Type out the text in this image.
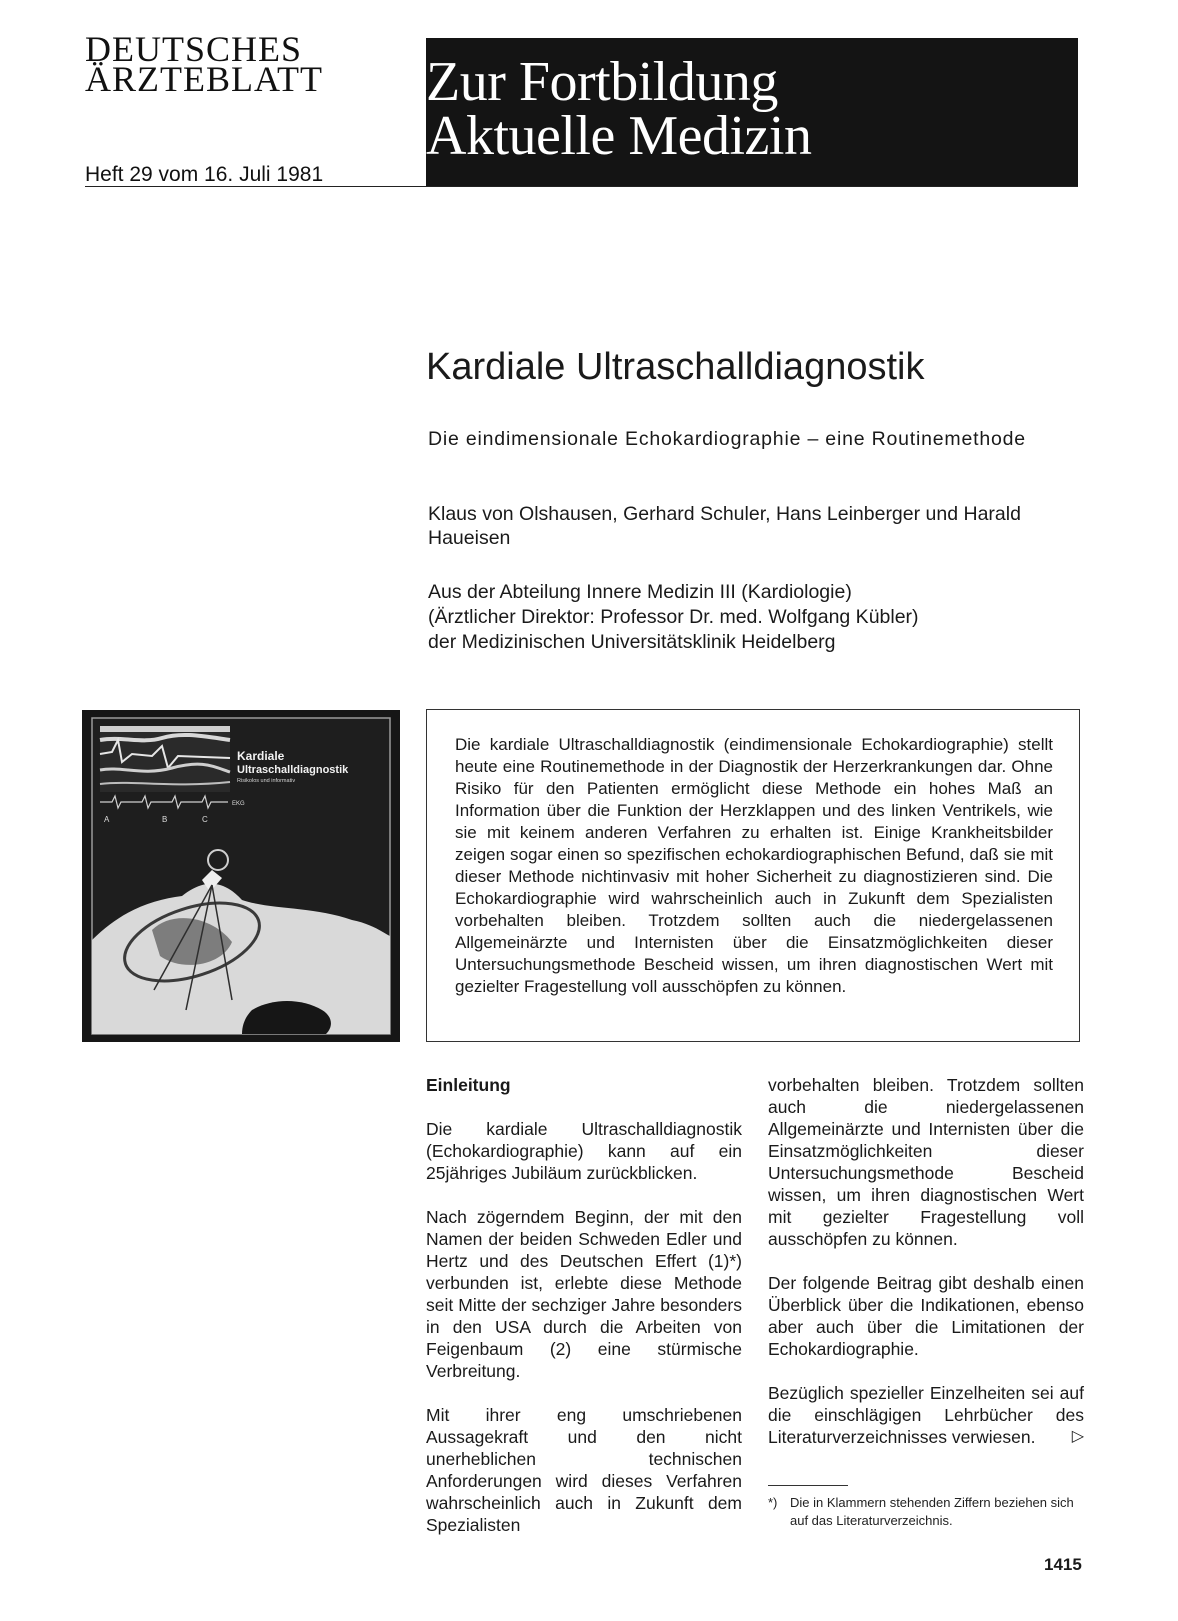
DEUTSCHES
ÄRZTEBLATT
Heft 29 vom 16. Juli 1981
Zur Fortbildung
Aktuelle Medizin
Kardiale Ultraschalldiagnostik
Die eindimensionale Echokardiographie – eine Routinemethode
Klaus von Olshausen, Gerhard Schuler, Hans Leinberger und Harald Haueisen
Aus der Abteilung Innere Medizin III (Kardiologie)
(Ärztlicher Direktor: Professor Dr. med. Wolfgang Kübler)
der Medizinischen Universitätsklinik Heidelberg
EKG
A	B	C
Kardiale
Ultraschalldiagnostik
Risikolos und informativ

Die kardiale Ultraschalldiagnostik (eindimensionale Echokardiographie) stellt heute eine Routinemethode in der Diagnostik der Herzerkrankungen dar. Ohne Risiko für den Patienten ermöglicht diese Methode ein hohes Maß an Information über die Funktion der Herzklappen und des linken Ventrikels, wie sie mit keinem anderen Verfahren zu erhalten ist. Einige Krankheitsbilder zeigen sogar einen so spezifischen echokardiographischen Befund, daß sie mit dieser Methode nichtinvasiv mit hoher Sicherheit zu diagnostizieren sind. Die Echokardiographie wird wahrscheinlich auch in Zukunft dem Spezialisten vorbehalten bleiben. Trotzdem sollten auch die niedergelassenen Allgemeinärzte und Internisten über die Einsatzmöglichkeiten dieser Untersuchungsmethode Bescheid wissen, um ihren diagnostischen Wert mit gezielter Fragestellung voll ausschöpfen zu können.

Einleitung

Die kardiale Ultraschalldiagnostik (Echokardiographie) kann auf ein 25jähriges Jubiläum zurückblicken.

Nach zögerndem Beginn, der mit den Namen der beiden Schweden Edler und Hertz und des Deutschen Effert (1)*) verbunden ist, erlebte diese Methode seit Mitte der sechziger Jahre besonders in den USA durch die Arbeiten von Feigenbaum (2) eine stürmische Verbreitung.

Mit ihrer eng umschriebenen Aussagekraft und den nicht unerheblichen technischen Anforderungen wird dieses Verfahren wahrscheinlich auch in Zukunft dem Spezialisten

vorbehalten bleiben. Trotzdem sollten auch die niedergelassenen Allgemeinärzte und Internisten über die Einsatzmöglichkeiten dieser Untersuchungsmethode Bescheid wissen, um ihren diagnostischen Wert mit gezielter Fragestellung voll ausschöpfen zu können.

Der folgende Beitrag gibt deshalb einen Überblick über die Indikationen, ebenso aber auch über die Limitationen der Echokardiographie.

Bezüglich spezieller Einzelheiten sei auf die einschlägigen Lehrbücher des Literaturverzeichnisses verwiesen. ▷

*) Die in Klammern stehenden Ziffern beziehen sich auf das Literaturverzeichnis.
1415
